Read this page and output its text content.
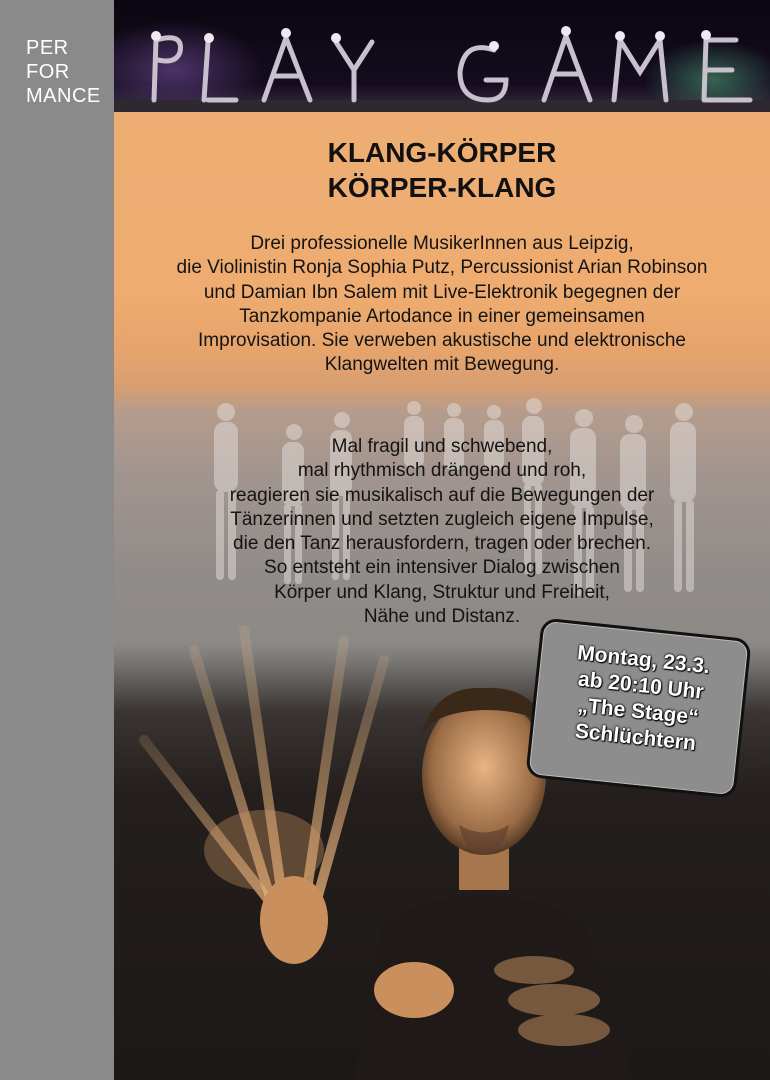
PER
FOR
MANCE
KLANG-KÖRPER
KÖRPER-KLANG
Drei professionelle MusikerInnen aus Leipzig,
die Violinistin Ronja Sophia Putz, Percussionist Arian Robinson
und Damian Ibn Salem mit Live-Elektronik begegnen der
Tanzkompanie Artodance in einer gemeinsamen
Improvisation. Sie verweben akustische und elektronische
Klangwelten mit Bewegung.
Mal fragil und schwebend,
mal rhythmisch drängend und roh,
reagieren sie musikalisch auf die Bewegungen der
Tänzerinnen und setzten zugleich eigene Impulse,
die den Tanz herausfordern, tragen oder brechen.
So entsteht ein intensiver Dialog zwischen
Körper und Klang, Struktur und Freiheit,
Nähe und Distanz.
Montag, 23.3.
ab 20:10 Uhr
„The Stage“
Schlüchtern
